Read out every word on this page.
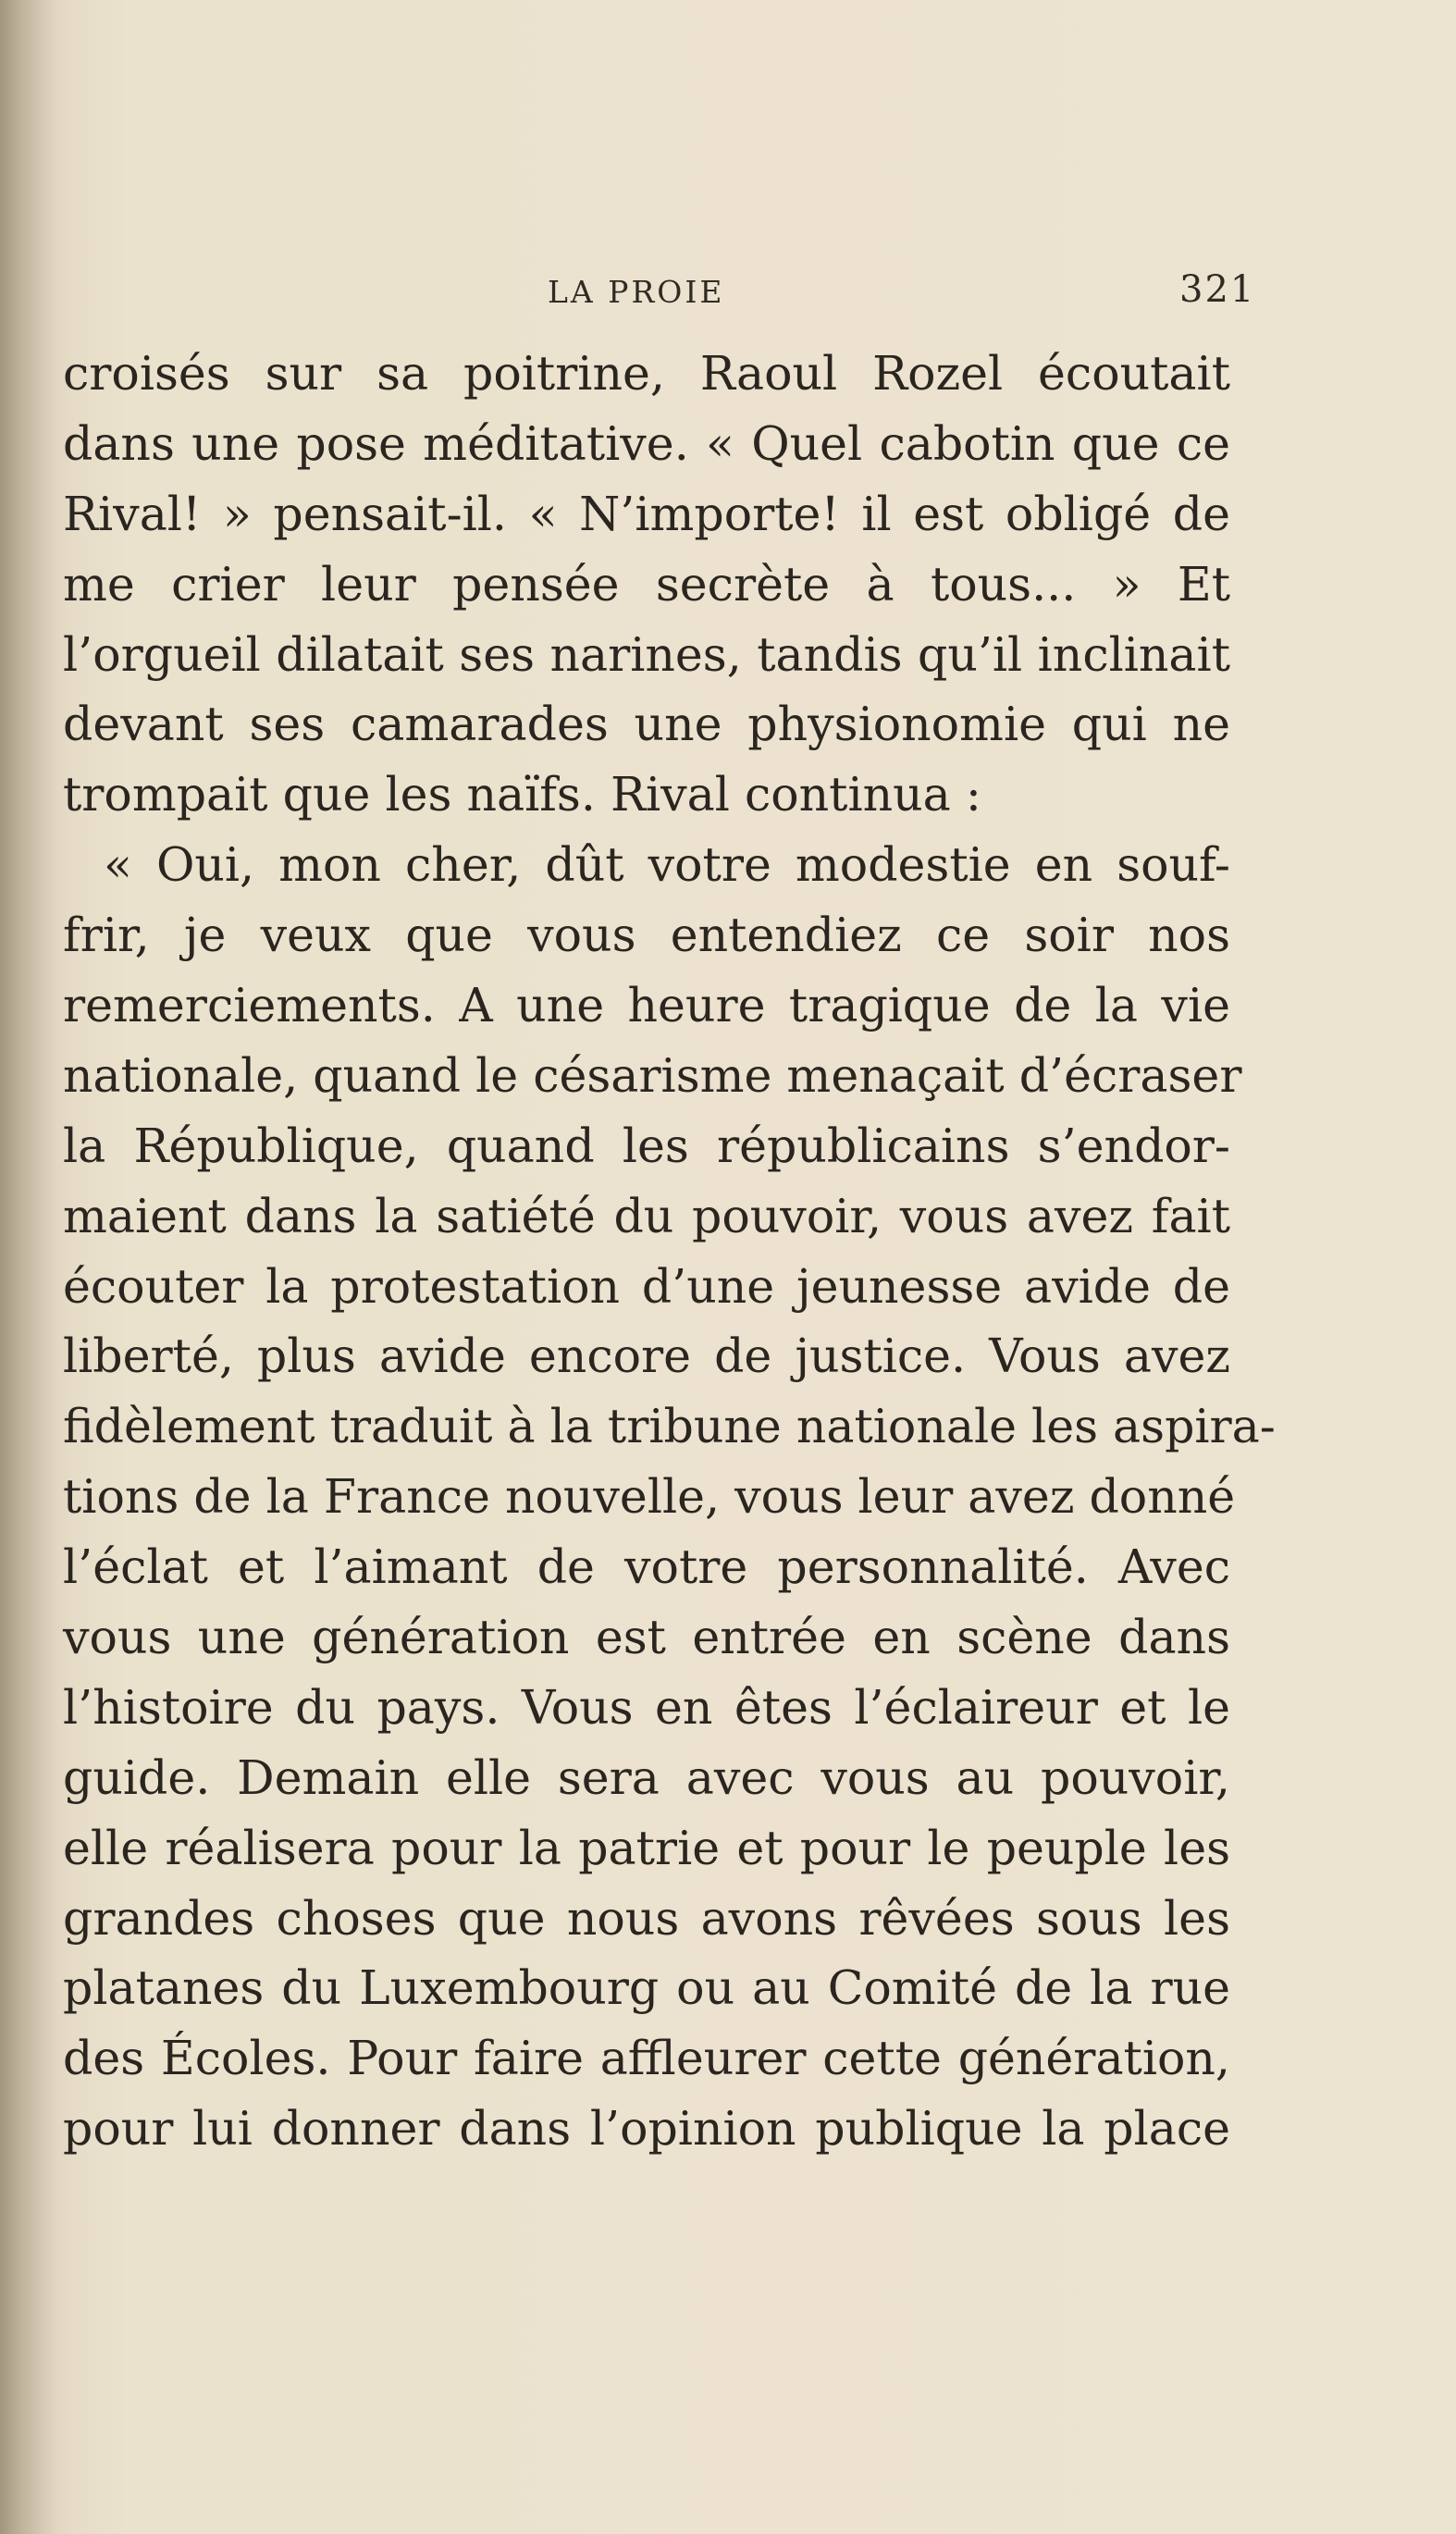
LA PROIE	321
croisés sur sa poitrine, Raoul Rozel écoutait
dans une pose méditative. « Quel cabotin que ce
Rival! » pensait-il. « N’importe! il est obligé de
me crier leur pensée secrète à tous... » Et
l’orgueil dilatait ses narines, tandis qu’il inclinait
devant ses camarades une physionomie qui ne
trompait que les naïfs. Rival continua :
« Oui, mon cher, dût votre modestie en souf-
frir, je veux que vous entendiez ce soir nos
remerciements. A une heure tragique de la vie
nationale, quand le césarisme menaçait d’écraser
la République, quand les républicains s’endor-
maient dans la satiété du pouvoir, vous avez fait
écouter la protestation d’une jeunesse avide de
liberté, plus avide encore de justice. Vous avez
fidèlement traduit à la tribune nationale les aspira-
tions de la France nouvelle, vous leur avez donné
l’éclat et l’aimant de votre personnalité. Avec
vous une génération est entrée en scène dans
l’histoire du pays. Vous en êtes l’éclaireur et le
guide. Demain elle sera avec vous au pouvoir,
elle réalisera pour la patrie et pour le peuple les
grandes choses que nous avons rêvées sous les
platanes du Luxembourg ou au Comité de la rue
des Écoles. Pour faire affleurer cette génération,
pour lui donner dans l’opinion publique la place
